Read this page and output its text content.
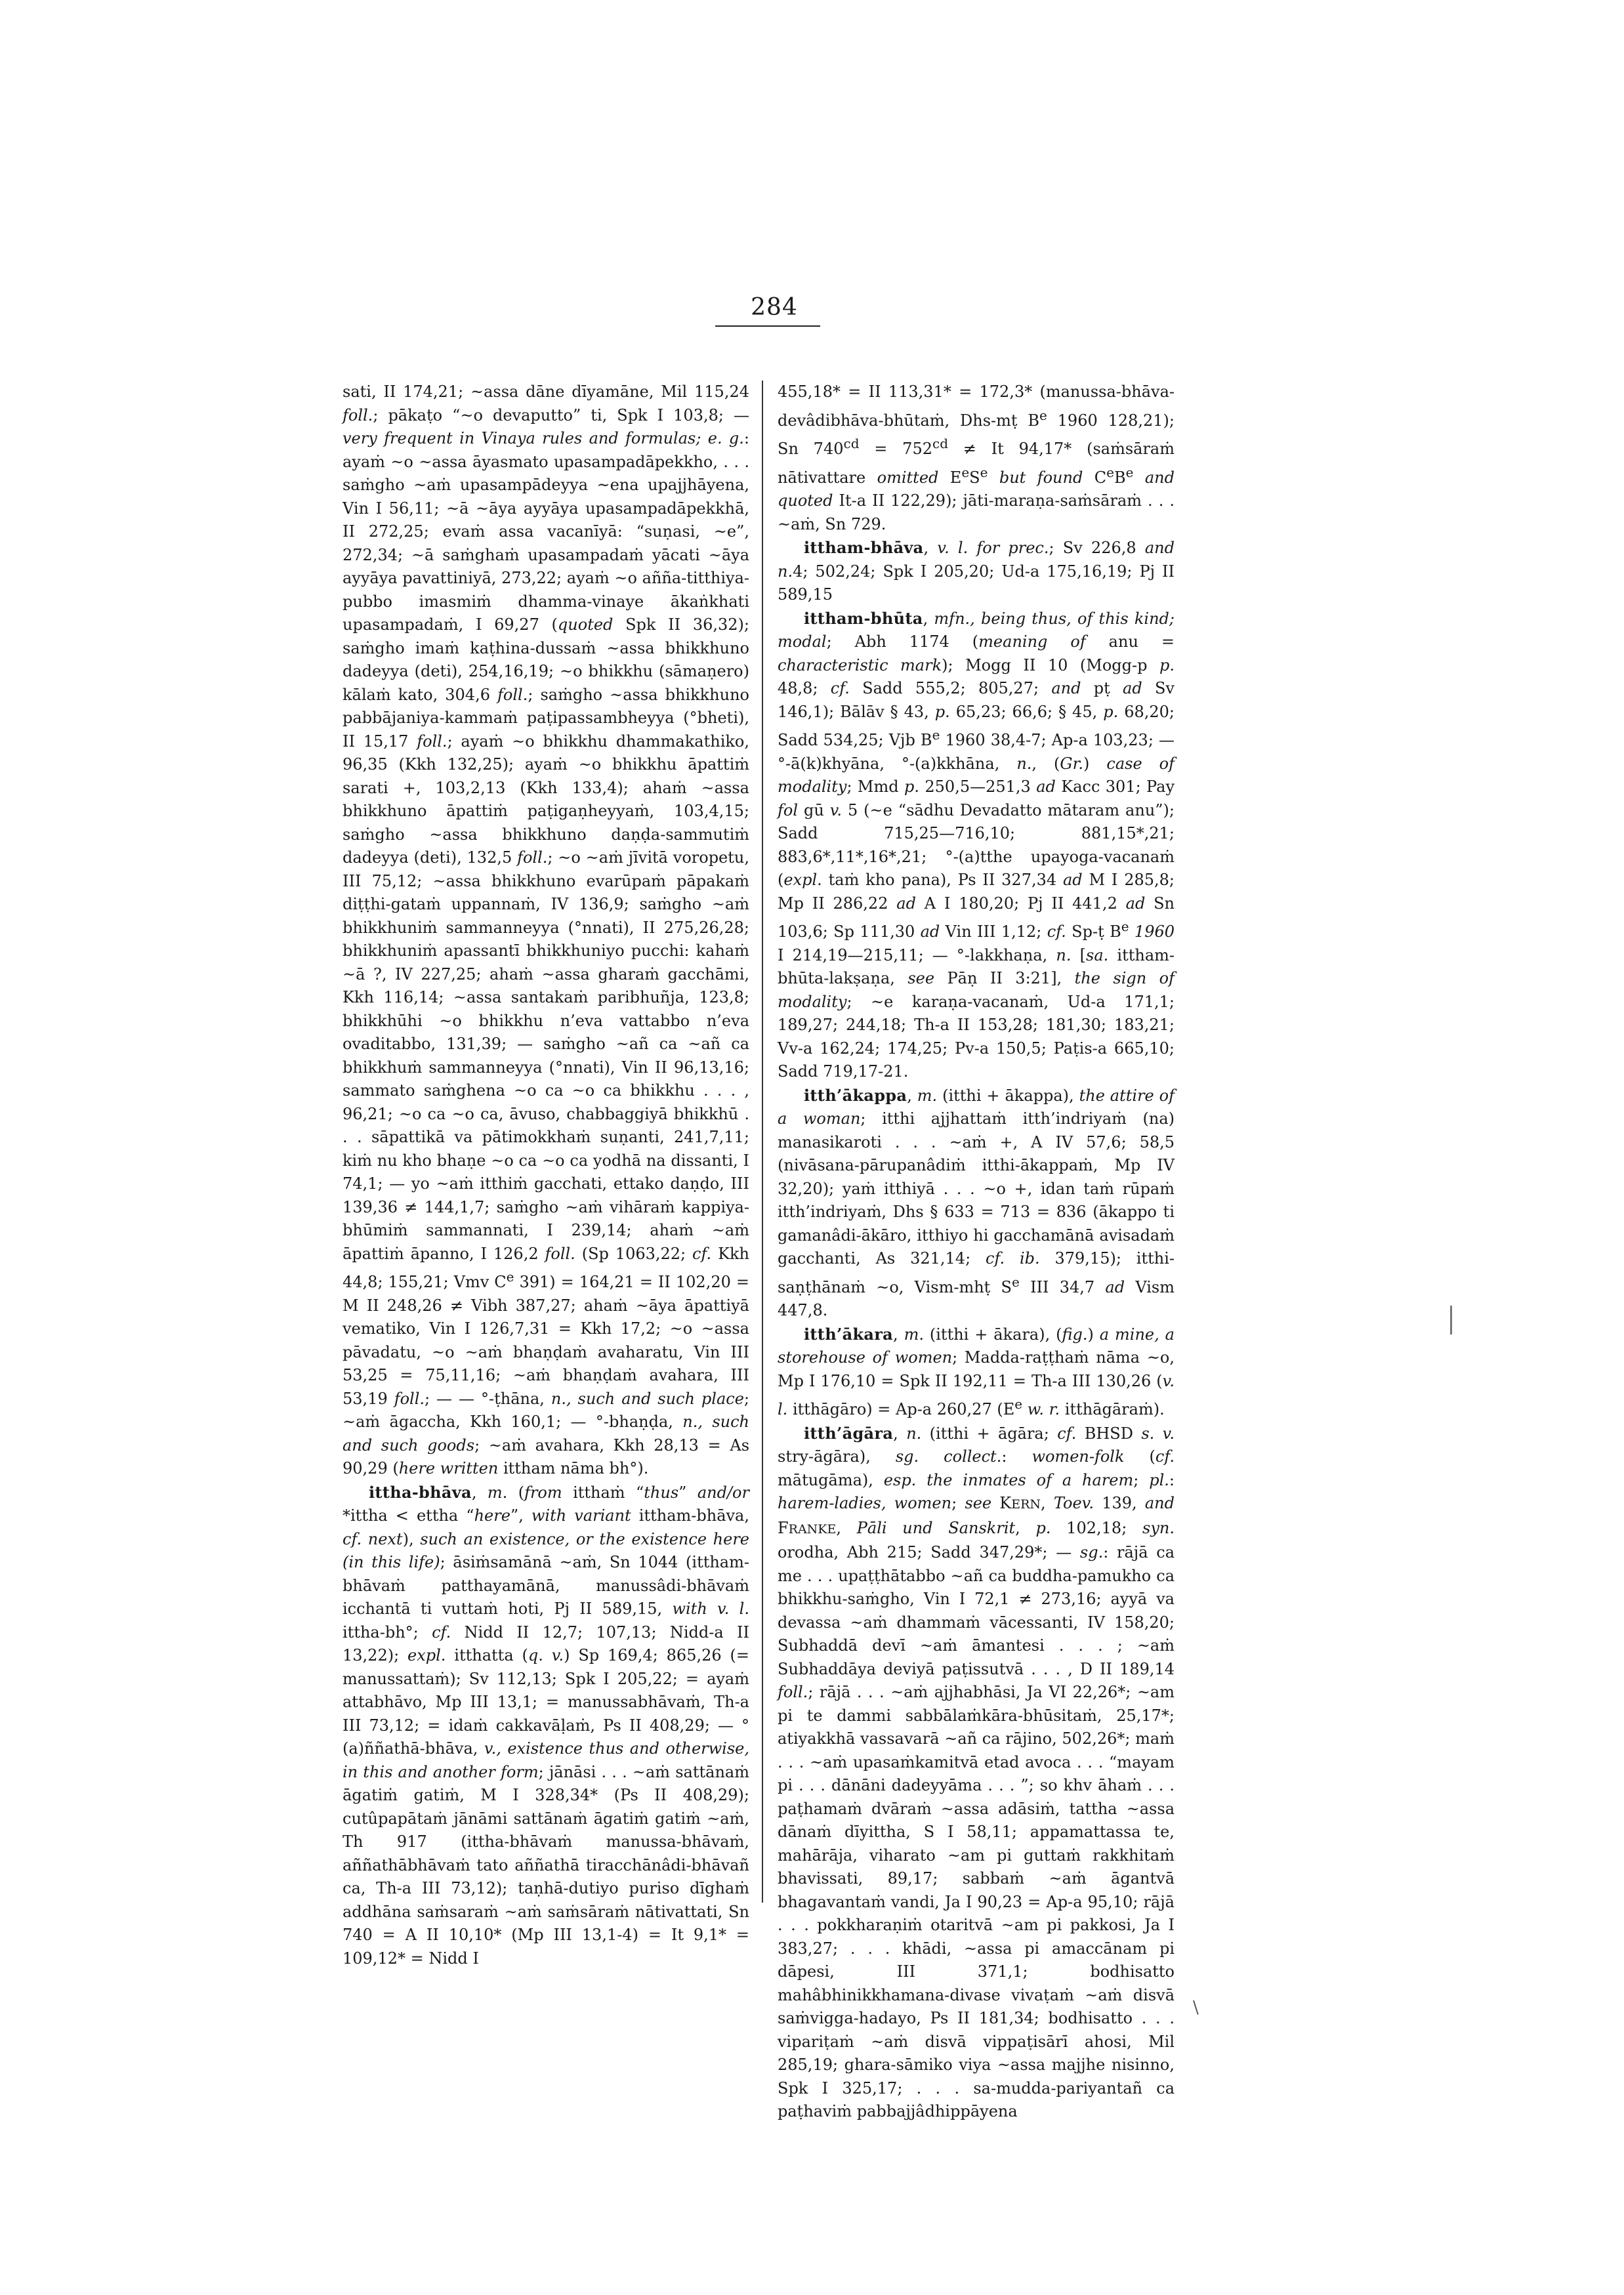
284

sati, II 174,21; ~assa dāne dīyamāne, Mil 115,24 foll.; pākaṭo “~o devaputto” ti, Spk I 103,8; — very frequent in Vinaya rules and formulas; e. g.: ayaṁ ~o ~assa āyasmato upasampadāpekkho, . . . saṁgho ~aṁ upasampādeyya ~ena upajjhāyena, Vin I 56,11; ~ā ~āya ayyāya upasampadāpekkhā, II 272,25; evaṁ assa vacanīyā: “suṇasi, ~e”, 272,34; ~ā saṁghaṁ upasampadaṁ yācati ~āya ayyāya pavattiniyā, 273,22; ayaṁ ~o añña-titthiya-pubbo imasmiṁ dhamma-vinaye ākaṅkhati upasampadaṁ, I 69,27 (quoted Spk II 36,32); saṁgho imaṁ kaṭhina-dussaṁ ~assa bhikkhuno dadeyya (deti), 254,16,19; ~o bhikkhu (sāmaṇero) kālaṁ kato, 304,6 foll.; saṁgho ~assa bhikkhuno pabbājaniya-kammaṁ paṭipassambheyya (°bheti), II 15,17 foll.; ayaṁ ~o bhikkhu dhammakathiko, 96,35 (Kkh 132,25); ayaṁ ~o bhikkhu āpattiṁ sarati +, 103,2,13 (Kkh 133,4); ahaṁ ~assa bhikkhuno āpattiṁ paṭigaṇheyyaṁ, 103,4,15; saṁgho ~assa bhikkhuno daṇḍa-sammutiṁ dadeyya (deti), 132,5 foll.; ~o ~aṁ jīvitā voropetu, III 75,12; ~assa bhikkhuno evarūpaṁ pāpakaṁ diṭṭhi-gataṁ uppannaṁ, IV 136,9; saṁgho ~aṁ bhikkhuniṁ sammanneyya (°nnati), II 275,26,28; bhikkhuniṁ apassantī bhikkhuniyo pucchi: kahaṁ ~ā ?, IV 227,25; ahaṁ ~assa gharaṁ gacchāmi, Kkh 116,14; ~assa santakaṁ paribhuñja, 123,8; bhikkhūhi ~o bhikkhu n’eva vattabbo n’eva ovaditabbo, 131,39; — saṁgho ~añ ca ~añ ca bhikkhuṁ sammanneyya (°nnati), Vin II 96,13,16; sammato saṁghena ~o ca ~o ca bhikkhu . . . , 96,21; ~o ca ~o ca, āvuso, chabbaggiyā bhikkhū . . . sāpattikā va pātimokkhaṁ suṇanti, 241,7,11; kiṁ nu kho bhaṇe ~o ca ~o ca yodhā na dissanti, I 74,1; — yo ~aṁ itthiṁ gacchati, ettako daṇḍo, III 139,36 ≠ 144,1,7; saṁgho ~aṁ vihāraṁ kappiya-bhūmiṁ sammannati, I 239,14; ahaṁ ~aṁ āpattiṁ āpanno, I 126,2 foll. (Sp 1063,22; cf. Kkh 44,8; 155,21; Vmv Ce 391) = 164,21 = II 102,20 = M II 248,26 ≠ Vibh 387,27; ahaṁ ~āya āpattiyā vematiko, Vin I 126,7,31 = Kkh 17,2; ~o ~assa pāvadatu, ~o ~aṁ bhaṇḍaṁ avaharatu, Vin III 53,25 = 75,11,16; ~aṁ bhaṇḍaṁ avahara, III 53,19 foll.; — — °-ṭhāna, n., such and such place; ~aṁ āgaccha, Kkh 160,1; — °-bhaṇḍa, n., such and such goods; ~aṁ avahara, Kkh 28,13 = As 90,29 (here written ittham nāma bh°).

ittha-bhāva, m. (from itthaṁ “thus” and/or *ittha < ettha “here”, with variant ittham-bhāva, cf. next), such an existence, or the existence here (in this life); āsiṁsamānā ~aṁ, Sn 1044 (ittham-bhāvaṁ patthayamānā, manussâdi-bhāvaṁ icchantā ti vuttaṁ hoti, Pj II 589,15, with v. l. ittha-bh°; cf. Nidd II 12,7; 107,13; Nidd-a II 13,22); expl. itthatta (q. v.) Sp 169,4; 865,26 (= manussattaṁ); Sv 112,13; Spk I 205,22; = ayaṁ attabhāvo, Mp III 13,1; = manussabhāvaṁ, Th-a III 73,12; = idaṁ cakkavāḷaṁ, Ps II 408,29; — °(a)ññathā-bhāva, v., existence thus and otherwise, in this and another form; jānāsi . . . ~aṁ sattānaṁ āgatiṁ gatiṁ, M I 328,34* (Ps II 408,29); cutûpapātaṁ jānāmi sattānaṁ āgatiṁ gatiṁ ~aṁ, Th 917 (ittha-bhāvaṁ manussa-bhāvaṁ, aññathābhāvaṁ tato aññathā tiracchānâdi-bhāvañ ca, Th-a III 73,12); taṇhā-dutiyo puriso dīghaṁ addhāna saṁsaraṁ ~aṁ saṁsāraṁ nātivattati, Sn 740 = A II 10,10* (Mp III 13,1-4) = It 9,1* = 109,12* = Nidd I

455,18* = II 113,31* = 172,3* (manussa-bhāva-devâdibhāva-bhūtaṁ, Dhs-mṭ $B^e$ 1960 128,21); Sn $740^{cd} = 752^{cd} \ne It$ 94,17* (saṁsāraṁ nātivattare omitted $E^eS^e$ but found $CeB^e$ and quoted It-a II 122,29); jāti-maraṇa-saṁsāraṁ . . . ~aṁ, Sn 729.

ittham-bhāva, v. l. for prec.; Sv 226,8 and n.4; 502,24; Spk I 205,20; Ud-a 175,16,19; Pj II 589,15

ittham-bhūta, mfn., being thus, of this kind; modal; Abh 1174 (meaning of anu = characteristic mark); Mogg II 10 (Mogg-p p. 48,8; cf. Sadd 555,2; 805,27; and pṭ ad Sv 146,1); Bālāv § 43, p. 65,23; 66,6; § 45, p. 68,20; Sadd 534,25; Vjb $B^e$ 1960 38,4-7; Ap-a 103,23; — °-ā(k)khyāna, °-(a)kkhāna, n., (Gr.) case of modality; Mmd p. 250,5—251,3 ad Kacc 301; Pay fol gū v. 5 (~e “sādhu Devadatto mātaram anu”); Sadd 715,25—716,10; 881,15*,21; 883,6*,11*,16*,21; °-(a)tthe upayoga-vacanaṁ (expl. taṁ kho pana), Ps II 327,34 ad M I 285,8; Mp II 286,22 ad A I 180,20; Pj II 441,2 ad Sn 103,6; Sp 111,30 ad Vin III 1,12; cf. Sp-ṭ $B^e$ 1960 I 214,19—215,11; — °-lakkhaṇa, n. [sa. ittham-bhūta-lakṣaṇa, see Pāṇ II 3:21], the sign of modality; ~e karaṇa-vacanaṁ, Ud-a 171,1; 189,27; 244,18; Th-a II 153,28; 181,30; 183,21; Vv-a 162,24; 174,25; Pv-a 150,5; Paṭis-a 665,10; Sadd 719,17-21.

itth’ākappa, m. (itthi + ākappa), the attire of a woman; itthi ajjhattaṁ itth’indriyaṁ (na) manasikaroti . . . ~aṁ +, A IV 57,6; 58,5 (nivāsana-pārupanâdiṁ itthi-ākappaṁ, Mp IV 32,20); yaṁ itthiyā . . . ~o +, idan taṁ rūpaṁ itth’indriyaṁ, Dhs § 633 = 713 = 836 (ākappo ti gamanâdi-ākāro, itthiyo hi gacchamānā avisadaṁ gacchanti, As 321,14; cf. ib. 379,15); itthi-saṇṭhānaṁ ~o, Vism-mhṭ $S^e$ III 34,7 ad Vism 447,8.

itth’ākara, m. (itthi + ākara), (fig.) a mine, a storehouse of women; Madda-raṭṭhaṁ nāma ~o, Mp I 176,10 = Spk II 192,11 = Th-a III 130,26 (v. l. itthāgāro) = Ap-a 260,27 ($E^e$ w. r. itthāgāraṁ).

itth’āgāra, n. (itthi + āgāra; cf. BHSD s. v. stry-āgāra), sg. collect.: women-folk (cf. mātugāma), esp. the inmates of a harem; pl.: harem-ladies, women; see KERN, Toev. 139, and FRANKE, Pāli und Sanskrit, p. 102,18; syn. orodha, Abh 215; Sadd 347,29*; — sg.: rājā ca me . . . upaṭṭhātabbo ~añ ca buddha-pamukho ca bhikkhu-saṁgho, Vin I 72,1 ≠ 273,16; ayyā va devassa ~aṁ dhammaṁ vācessanti, IV 158,20; Subhaddā devī ~aṁ āmantesi . . . ; ~aṁ Subhaddāya deviyā paṭissutvā . . . , D II 189,14 foll.; rājā . . . ~aṁ ajjhabhāsi, Ja VI 22,26*; ~am pi te dammi sabbālaṁkāra-bhūsitaṁ, 25,17*; atiyakkhā vassavarā ~añ ca rājino, 502,26*; maṁ . . . ~aṁ upasaṁkamitvā etad avoca . . . “mayam pi . . . dānāni dadeyyāma . . . ”; so khv āhaṁ . . . paṭhamaṁ dvāraṁ ~assa adāsiṁ, tattha ~assa dānaṁ dīyittha, S I 58,11; appamattassa te, mahārāja, viharato ~am pi guttaṁ rakkhitaṁ bhavissati, 89,17; sabbaṁ ~aṁ āgantvā bhagavantaṁ vandi, Ja I 90,23 = Ap-a 95,10; rājā . . . pokkharaṇiṁ otaritvā ~am pi pakkosi, Ja I 383,27; . . . khādi, ~assa pi amaccānam pi dāpesi, III 371,1; bodhisatto mahâbhinikkhamana-divase vivaṭaṁ ~aṁ disvā saṁvigga-hadayo, Ps II 181,34; bodhisatto . . . vipariṭaṁ ~aṁ disvā vippaṭisārī ahosi, Mil 285,19; ghara-sāmiko viya ~assa majjhe nisinno, Spk I 325,17; . . . sa-mudda-pariyantañ ca paṭhaviṁ pabbajjâdhippāyena

\
